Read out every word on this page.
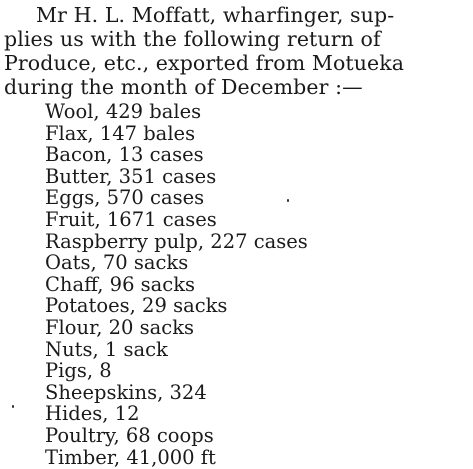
Mr H. L. Moffatt, wharfinger, sup-
plies us with the following return of
Produce, etc., exported from Motueka
during the month of December :—
Wool, 429 bales
Flax, 147 bales
Bacon, 13 cases
Butter, 351 cases
Eggs, 570 cases
Fruit, 1671 cases
Raspberry pulp, 227 cases
Oats, 70 sacks
Chaff, 96 sacks
Potatoes, 29 sacks
Flour, 20 sacks
Nuts, 1 sack
Pigs, 8
Sheepskins, 324
Hides, 12
Poultry, 68 coops
Timber, 41,000 ft
